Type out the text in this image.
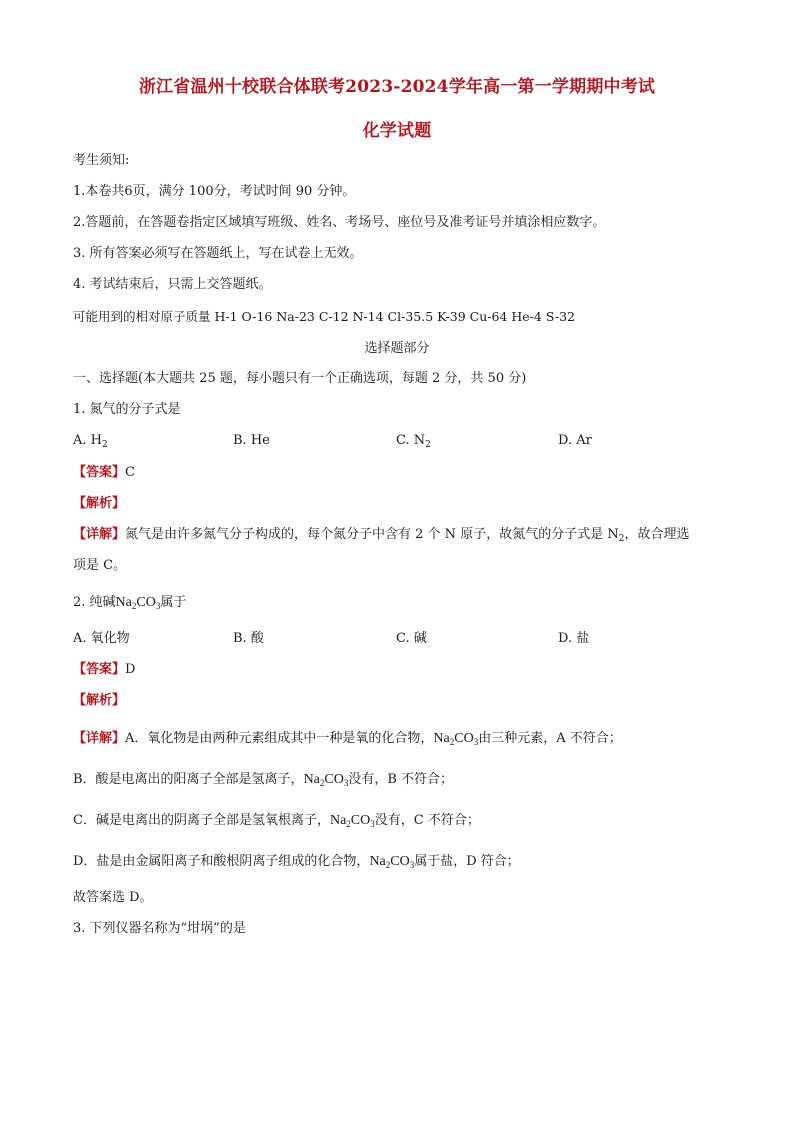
浙江省温州十校联合体联考2023-2024学年高一第一学期期中考试
化学试题
考生须知:
1.本卷共6页，满分 100分，考试时间 90 分钟。
2.答题前，在答题卷指定区域填写班级、姓名、考场号、座位号及准考证号并填涂相应数字。
3. 所有答案必须写在答题纸上，写在试卷上无效。
4. 考试结束后，只需上交答题纸。
可能用到的相对原子质量 H-1 O-16 Na-23 C-12 N-14 Cl-35.5 K-39 Cu-64 He-4 S-32
选择题部分
一、选择题(本大题共 25 题，每小题只有一个正确选项，每题 2 分，共 50 分)
1. 氮气的分子式是
A. $H_2$	B. He	C. $N_2$	D. Ar
【答案】C
【解析】
【详解】氮气是由许多氮气分子构成的，每个氮分子中含有 2 个 N 原子，故氮气的分子式是 $N_2$，故合理选
项是 C。
2. 纯碱$Na_2CO_3$属于
A. 氧化物	B. 酸	C. 碱	D. 盐
【答案】D
【解析】
【详解】A．氧化物是由两种元素组成其中一种是氧的化合物，$Na_2CO_3$由三种元素，A 不符合；
B．酸是电离出的阳离子全部是氢离子，$Na_2CO_3$没有，B 不符合；
C．碱是电离出的阴离子全部是氢氧根离子，$Na_2CO_3$没有，C 不符合；
D．盐是由金属阳离子和酸根阴离子组成的化合物，$Na_2CO_3$属于盐，D 符合；
故答案选 D。
3. 下列仪器名称为“坩埚”的是
